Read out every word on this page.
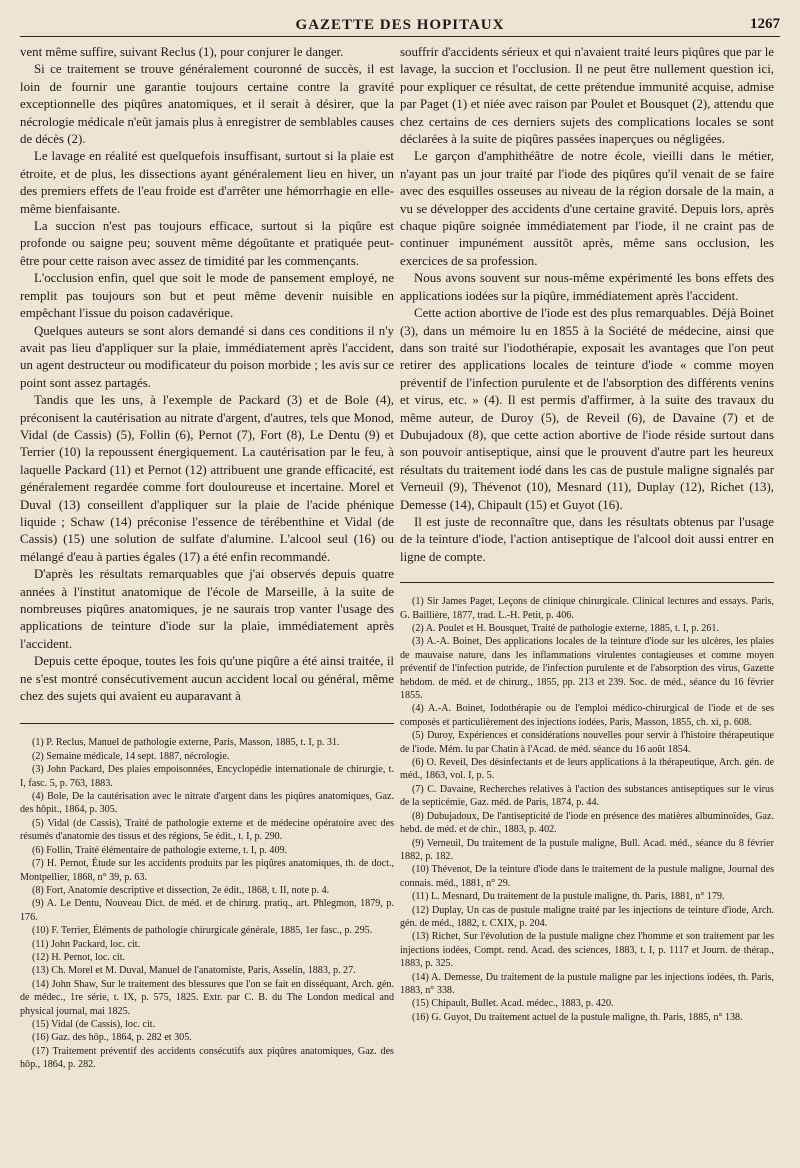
GAZETTE DES HOPITAUX	1267

vent même suffire, suivant Reclus (1), pour conjurer le danger.

Si ce traitement se trouve généralement couronné de succès, il est loin de fournir une garantie toujours certaine contre la gravité exceptionnelle des piqûres anatomiques, et il serait à désirer, que la nécrologie médicale n'eût jamais plus à enregistrer de semblables causes de décès (2).

Le lavage en réalité est quelquefois insuffisant, surtout si la plaie est étroite, et de plus, les dissections ayant généralement lieu en hiver, un des premiers effets de l'eau froide est d'arrêter une hémorrhagie en elle-même bienfaisante.

La succion n'est pas toujours efficace, surtout si la piqûre est profonde ou saigne peu; souvent même dégoûtante et pratiquée peut-être pour cette raison avec assez de timidité par les commençants.

L'occlusion enfin, quel que soit le mode de pansement employé, ne remplit pas toujours son but et peut même devenir nuisible en empêchant l'issue du poison cadavérique.

Quelques auteurs se sont alors demandé si dans ces conditions il n'y avait pas lieu d'appliquer sur la plaie, immédiatement après l'accident, un agent destructeur ou modificateur du poison morbide ; les avis sur ce point sont assez partagés.

Tandis que les uns, à l'exemple de Packard (3) et de Bole (4), préconisent la cautérisation au nitrate d'argent, d'autres, tels que Monod, Vidal (de Cassis) (5), Follin (6), Pernot (7), Fort (8), Le Dentu (9) et Terrier (10) la repoussent énergiquement. La cautérisation par le feu, à laquelle Packard (11) et Pernot (12) attribuent une grande efficacité, est généralement regardée comme fort douloureuse et incertaine. Morel et Duval (13) conseillent d'appliquer sur la plaie de l'acide phénique liquide ; Schaw (14) préconise l'essence de térébenthine et Vidal (de Cassis) (15) une solution de sulfate d'alumine. L'alcool seul (16) ou mélangé d'eau à parties égales (17) a été enfin recommandé.

D'après les résultats remarquables que j'ai observés depuis quatre années à l'institut anatomique de l'école de Marseille, à la suite de nombreuses piqûres anatomiques, je ne saurais trop vanter l'usage des applications de teinture d'iode sur la plaie, immédiatement après l'accident.

Depuis cette époque, toutes les fois qu'une piqûre a été ainsi traitée, il ne s'est montré consécutivement aucun accident local ou général, même chez des sujets qui avaient eu auparavant à

(1) P. Reclus, Manuel de pathologie externe, Paris, Masson, 1885, t. I, p. 31.

(2) Semaine médicale, 14 sept. 1887, nécrologie.

(3) John Packard, Des plaies empoisonnées, Encyclopédie internationale de chirurgie, t. I, fasc. 5, p. 763, 1883.

(4) Bole, De la cautérisation avec le nitrate d'argent dans les piqûres anatomiques, Gaz. des hôpit., 1864, p. 305.

(5) Vidal (de Cassis), Traité de pathologie externe et de médecine opératoire avec des résumés d'anatomie des tissus et des régions, 5e édit., t. I, p. 290.

(6) Follin, Traité élémentaire de pathologie externe, t. I, p. 409.

(7) H. Pernot, Étude sur les accidents produits par les piqûres anatomiques, th. de doct., Montpellier, 1868, n° 39, p. 63.

(8) Fort, Anatomie descriptive et dissection, 2e édit., 1868, t. II, note p. 4.

(9) A. Le Dentu, Nouveau Dict. de méd. et de chirurg. pratiq., art. Phlegmon, 1879, p. 176.

(10) F. Terrier, Éléments de pathologie chirurgicale générale, 1885, 1er fasc., p. 295.

(11) John Packard, loc. cit.

(12) H. Pernot, loc. cit.

(13) Ch. Morel et M. Duval, Manuel de l'anatomiste, Paris, Asselin, 1883, p. 27.

(14) John Shaw, Sur le traitement des blessures que l'on se fait en disséquant, Arch. gén. de médec., 1re série, t. IX, p. 575, 1825. Extr. par C. B. du The London medical and physical journal, mai 1825.

(15) Vidal (de Cassis), loc. cit.

(16) Gaz. des hôp., 1864, p. 282 et 305.

(17) Traitement préventif des accidents consécutifs aux piqûres anatomiques, Gaz. des hôp., 1864, p. 282.

souffrir d'accidents sérieux et qui n'avaient traité leurs piqûres que par le lavage, la succion et l'occlusion. Il ne peut être nullement question ici, pour expliquer ce résultat, de cette prétendue immunité acquise, admise par Paget (1) et niée avec raison par Poulet et Bousquet (2), attendu que chez certains de ces derniers sujets des complications locales se sont déclarées à la suite de piqûres passées inaperçues ou négligées.

Le garçon d'amphithéâtre de notre école, vieilli dans le métier, n'ayant pas un jour traité par l'iode des piqûres qu'il venait de se faire avec des esquilles osseuses au niveau de la région dorsale de la main, a vu se développer des accidents d'une certaine gravité. Depuis lors, après chaque piqûre soignée immédiatement par l'iode, il ne craint pas de continuer impunément aussitôt après, même sans occlusion, les exercices de sa profession.

Nous avons souvent sur nous-même expérimenté les bons effets des applications iodées sur la piqûre, immédiatement après l'accident.

Cette action abortive de l'iode est des plus remarquables. Déjà Boinet (3), dans un mémoire lu en 1855 à la Société de médecine, ainsi que dans son traité sur l'iodothérapie, exposait les avantages que l'on peut retirer des applications locales de teinture d'iode « comme moyen préventif de l'infection purulente et de l'absorption des différents venins et virus, etc. » (4). Il est permis d'affirmer, à la suite des travaux du même auteur, de Duroy (5), de Reveil (6), de Davaine (7) et de Dubujadoux (8), que cette action abortive de l'iode réside surtout dans son pouvoir antiseptique, ainsi que le prouvent d'autre part les heureux résultats du traitement iodé dans les cas de pustule maligne signalés par Verneuil (9), Thévenot (10), Mesnard (11), Duplay (12), Richet (13), Demesse (14), Chipault (15) et Guyot (16).

Il est juste de reconnaître que, dans les résultats obtenus par l'usage de la teinture d'iode, l'action antiseptique de l'alcool doit aussi entrer en ligne de compte.

(1) Sir James Paget, Leçons de clinique chirurgicale. Clinical lectures and essays. Paris, G. Baillière, 1877, trad. L.-H. Petit, p. 406.

(2) A. Poulet et H. Bousquet, Traité de pathologie externe, 1885, t. I, p. 261.

(3) A.-A. Boinet, Des applications locales de la teinture d'iode sur les ulcères, les plaies de mauvaise nature, dans les inflammations virulentes contagieuses et comme moyen préventif de l'infection putride, de l'infection purulente et de l'absorption des virus, Gazette hebdom. de méd. et de chirurg., 1855, pp. 213 et 239. Soc. de méd., séance du 16 février 1855.

(4) A.-A. Boinet, Iodothérapie ou de l'emploi médico-chirurgical de l'iode et de ses composés et particulièrement des injections iodées, Paris, Masson, 1855, ch. xi, p. 608.

(5) Duroy, Expériences et considérations nouvelles pour servir à l'histoire thérapeutique de l'iode. Mém. lu par Chatin à l'Acad. de méd. séance du 16 août 1854.

(6) O. Reveil, Des désinfectants et de leurs applications à la thérapeutique, Arch. gén. de méd., 1863, vol. I, p. 5.

(7) C. Davaine, Recherches relatives à l'action des substances antiseptiques sur le virus de la septicémie, Gaz. méd. de Paris, 1874, p. 44.

(8) Dubujadoux, De l'antiseptícité de l'iode en présence des matières albuminoïdes, Gaz. hebd. de méd. et de chir., 1883, p. 402.

(9) Verneuil, Du traitement de la pustule maligne, Bull. Acad. méd., séance du 8 février 1882, p. 182.

(10) Thévenot, De la teinture d'iode dans le traitement de la pustule maligne, Journal des connais. méd., 1881, n° 29.

(11) L. Mesnard, Du traitement de la pustule maligne, th. Paris, 1881, n° 179.

(12) Duplay, Un cas de pustule maligne traité par les injections de teinture d'iode, Arch. gén. de méd., 1882, t. CXIX, p. 204.

(13) Richet, Sur l'évolution de la pustule maligne chez l'homme et son traitement par les injections iodées, Compt. rend. Acad. des sciences, 1883, t. I, p. 1117 et Journ. de thérap., 1883, p. 325.

(14) A. Demesse, Du traitement de la pustule maligne par les injections iodées, th. Paris, 1883, n° 338.

(15) Chipault, Bullet. Acad. médec., 1883, p. 420.

(16) G. Guyot, Du traitement actuel de la pustule maligne, th. Paris, 1885, n° 138.
